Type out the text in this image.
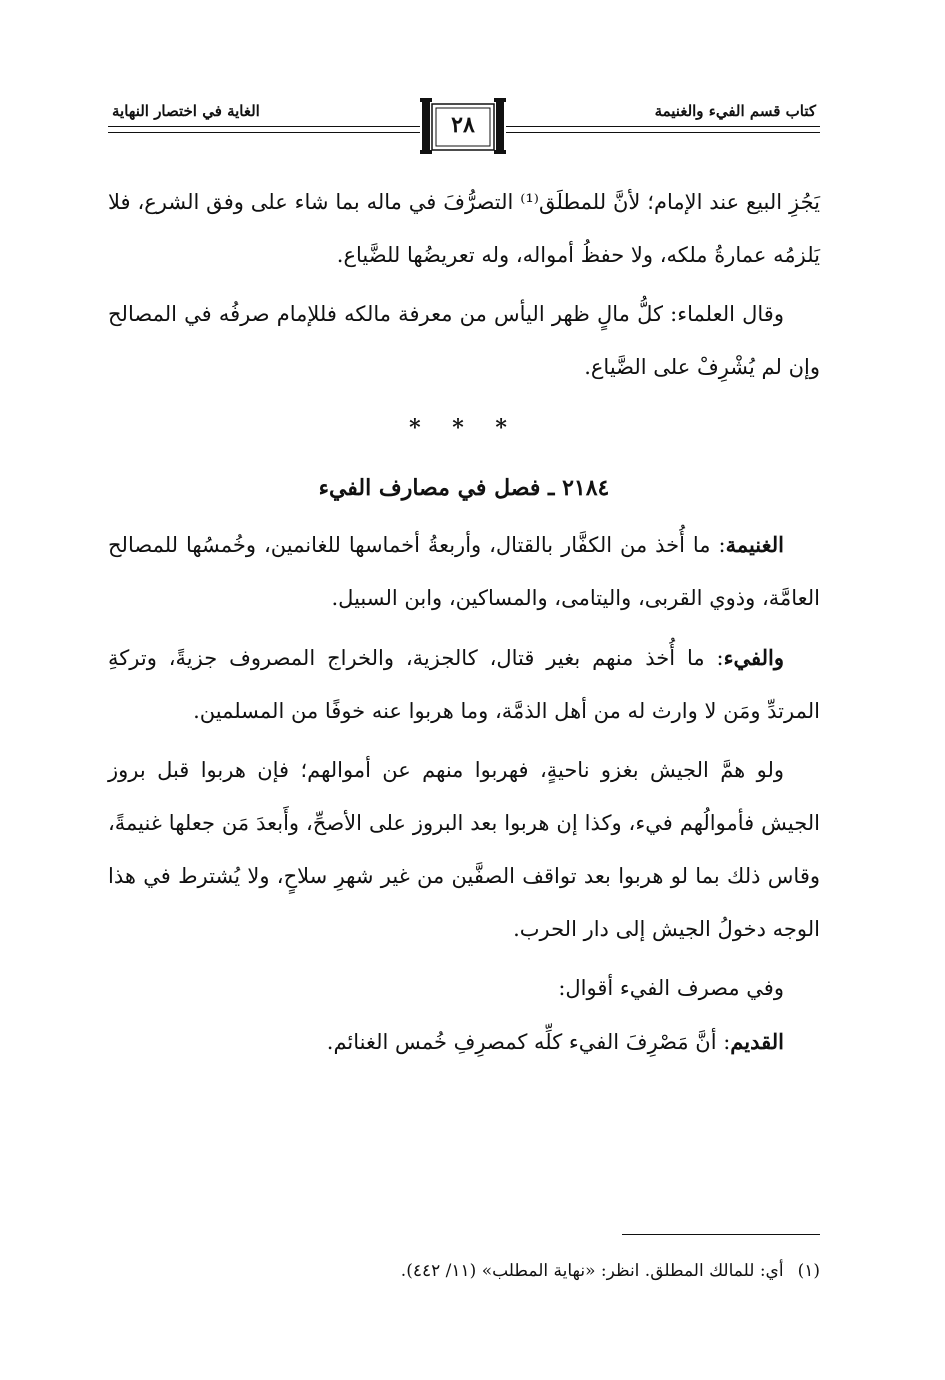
كتاب قسم الفيء والغنيمة
الغاية في اختصار النهاية
٢٨

يَجُزِ البيع عند الإمام؛ لأنَّ للمطلَق⁽¹⁾ التصرُّفَ في ماله بما شاء على وفق الشرع، فلا يَلزمُه عمارةُ ملكه، ولا حفظُ أمواله، وله تعريضُها للضَّياع.

وقال العلماء: كلُّ مالٍ ظهر اليأس من معرفة مالكه فللإمام صرفُه في المصالح وإن لم يُشْرِفْ على الضَّياع.

* * *
٢١٨٤ ـ فصل في مصارف الفيء

الغنيمة: ما أُخذ من الكفَّار بالقتال، وأربعةُ أخماسها للغانمين، وخُمسُها للمصالح العامَّة، وذوي القربى، واليتامى، والمساكين، وابن السبيل.

والفيء: ما أُخذ منهم بغير قتال، كالجزية، والخراج المصروف جزيةً، وتركةِ المرتدِّ ومَن لا وارث له من أهل الذمَّة، وما هربوا عنه خوفًا من المسلمين.

ولو همَّ الجيش بغزو ناحيةٍ، فهربوا منهم عن أموالهم؛ فإن هربوا قبل بروز الجيش فأموالُهم فيء، وكذا إن هربوا بعد البروز على الأصحِّ، وأَبعدَ مَن جعلها غنيمةً، وقاس ذلك بما لو هربوا بعد تواقف الصفَّين من غير شهرِ سلاحٍ، ولا يُشترط في هذا الوجه دخولُ الجيش إلى دار الحرب.

وفي مصرف الفيء أقوال:

القديم: أنَّ مَصْرِفَ الفيء كلِّه كمصرِفِ خُمس الغنائم.

(١)أي: للمالك المطلق. انظر: «نهاية المطلب» (١١/ ٤٤٢).
